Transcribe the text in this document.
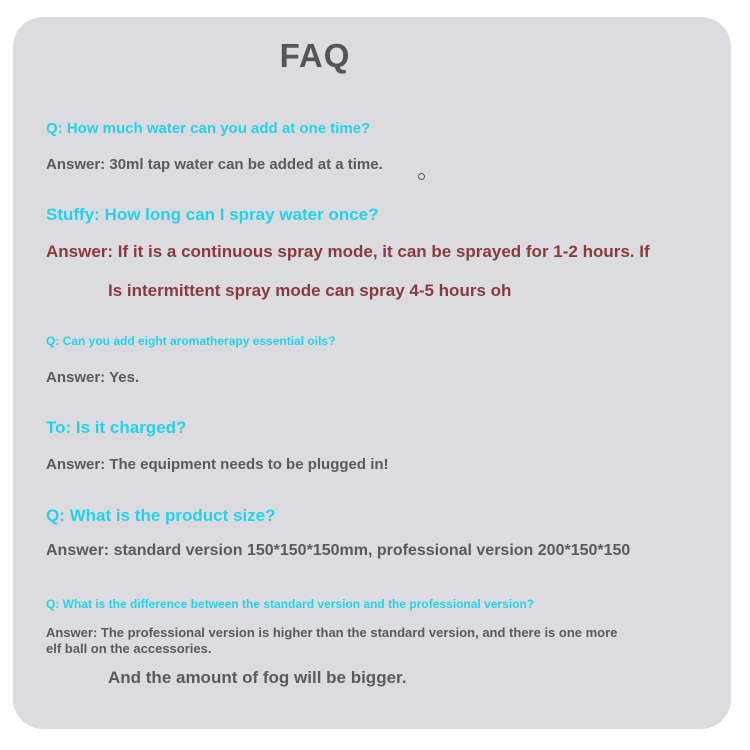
FAQ
Q: How much water can you add at one time?
Answer: 30ml tap water can be added at a time.
Stuffy: How long can I spray water once?
Answer: If it is a continuous spray mode, it can be sprayed for 1-2 hours. If
Is intermittent spray mode can spray 4-5 hours oh
Q: Can you add eight aromatherapy essential oils?
Answer: Yes.
To: Is it charged?
Answer: The equipment needs to be plugged in!
Q: What is the product size?
Answer: standard version 150*150*150mm, professional version 200*150*150
Q: What is the difference between the standard version and the professional version?
Answer: The professional version is higher than the standard version, and there is one more
elf ball on the accessories.
And the amount of fog will be bigger.
